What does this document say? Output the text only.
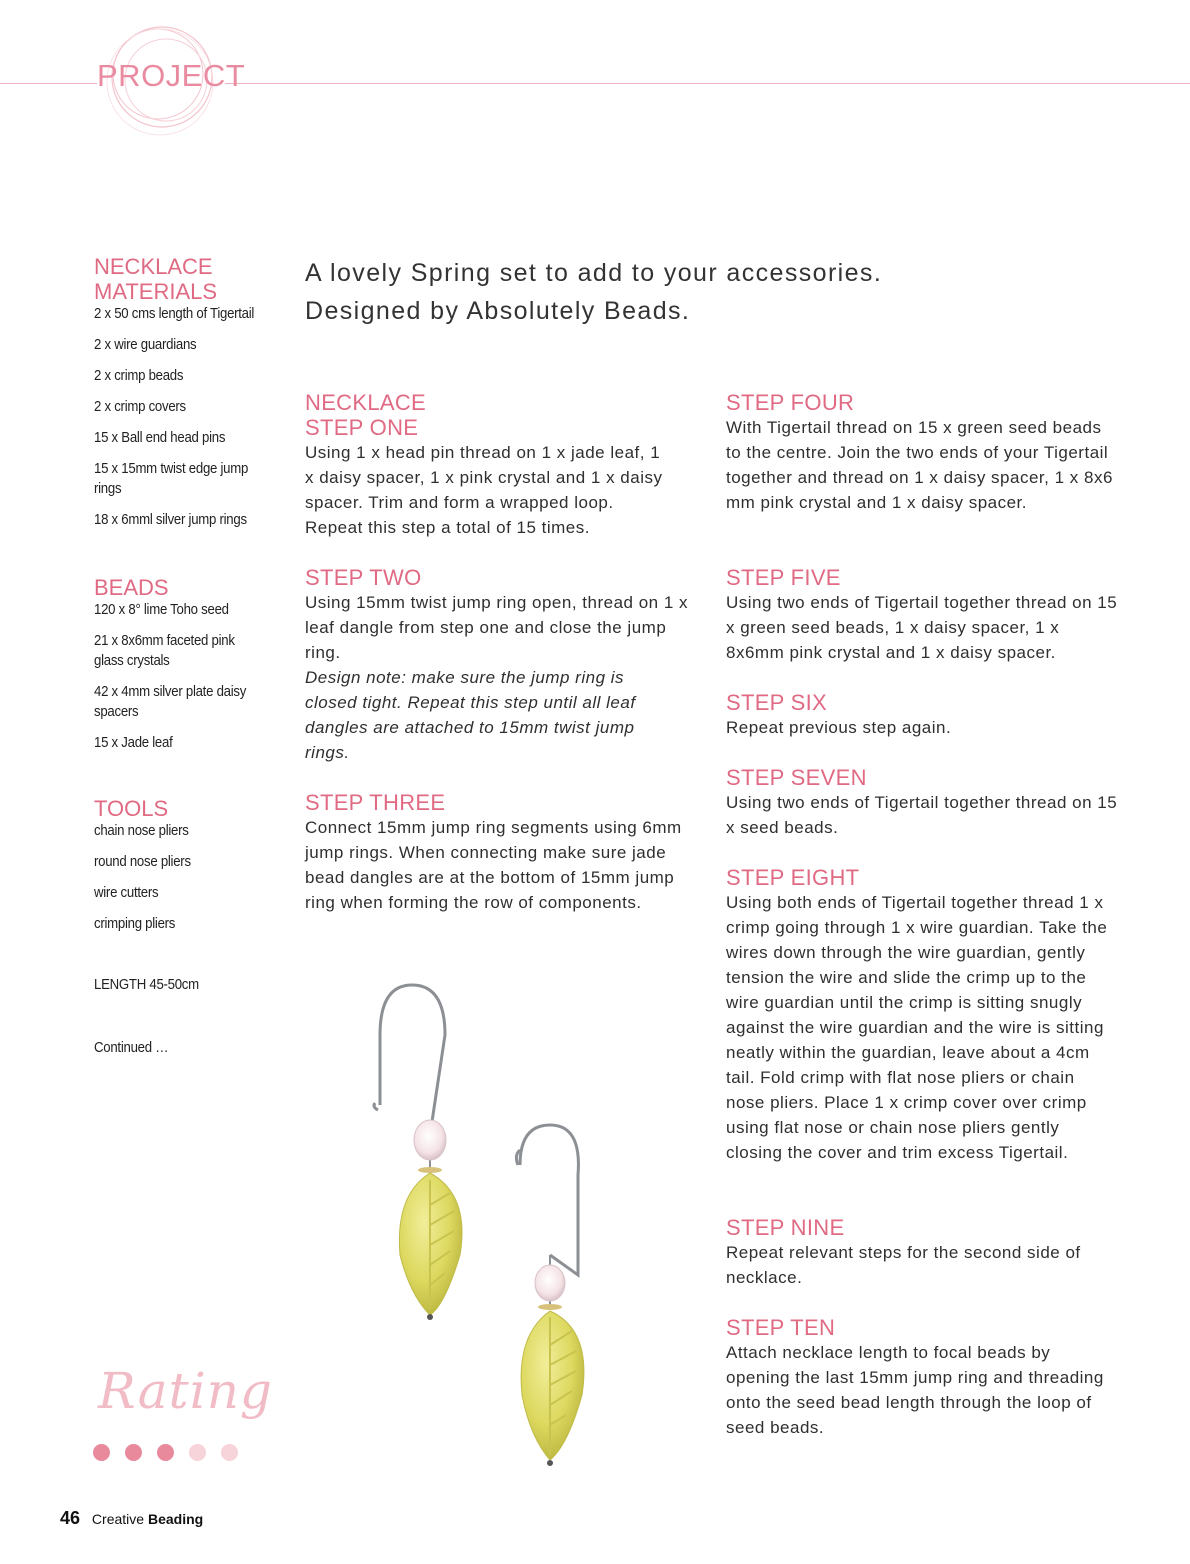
PROJECT
NECKLACE MATERIALS
2 x 50 cms length of Tigertail
2 x wire guardians
2 x crimp beads
2 x crimp covers
15 x Ball end head pins
15 x 15mm twist edge jump rings
18 x 6mml silver jump rings
BEADS
120 x 8° lime Toho seed
21 x 8x6mm faceted pink glass crystals
42 x 4mm silver plate daisy spacers
15 x Jade leaf
TOOLS
chain nose pliers
round nose pliers
wire cutters
crimping pliers
LENGTH 45-50cm
Continued …
A lovely Spring set to add to your accessories.
Designed by Absolutely Beads.
NECKLACE
STEP ONE
Using 1 x head pin thread on 1 x jade leaf, 1 x daisy spacer, 1 x pink crystal and 1 x daisy spacer. Trim and form a wrapped loop. Repeat this step a total of 15 times.
STEP TWO
Using 15mm twist jump ring open, thread on 1 x leaf dangle from step one and close the jump ring.
Design note: make sure the jump ring is closed tight. Repeat this step until all leaf dangles are attached to 15mm twist jump rings.
STEP THREE
Connect 15mm jump ring segments using 6mm jump rings. When connecting make sure jade bead dangles are at the bottom of 15mm jump ring when forming the row of components.
STEP FOUR
With Tigertail thread on 15 x green seed beads to the centre. Join the two ends of your Tigertail together and thread on 1 x daisy spacer, 1 x 8x6 mm pink crystal and 1 x daisy spacer.
STEP FIVE
Using two ends of Tigertail together thread on 15 x green seed beads, 1 x daisy spacer, 1 x 8x6mm pink crystal and 1 x daisy spacer.
STEP SIX
Repeat previous step again.
STEP SEVEN
Using two ends of Tigertail together thread on 15 x seed beads.
STEP EIGHT
Using both ends of Tigertail together thread 1 x crimp going through 1 x wire guardian. Take the wires down through the wire guardian, gently tension the wire and slide the crimp up to the wire guardian until the crimp is sitting snugly against the wire guardian and the wire is sitting neatly within the guardian, leave about a 4cm tail. Fold crimp with flat nose pliers or chain nose pliers. Place 1 x crimp cover over crimp using flat nose or chain nose pliers gently closing the cover and trim excess Tigertail.
STEP NINE
Repeat relevant steps for the second side of necklace.
STEP TEN
Attach necklace length to focal beads by opening the last 15mm jump ring and threading onto the seed bead length through the loop of seed beads.
Rating
46 Creative Beading
